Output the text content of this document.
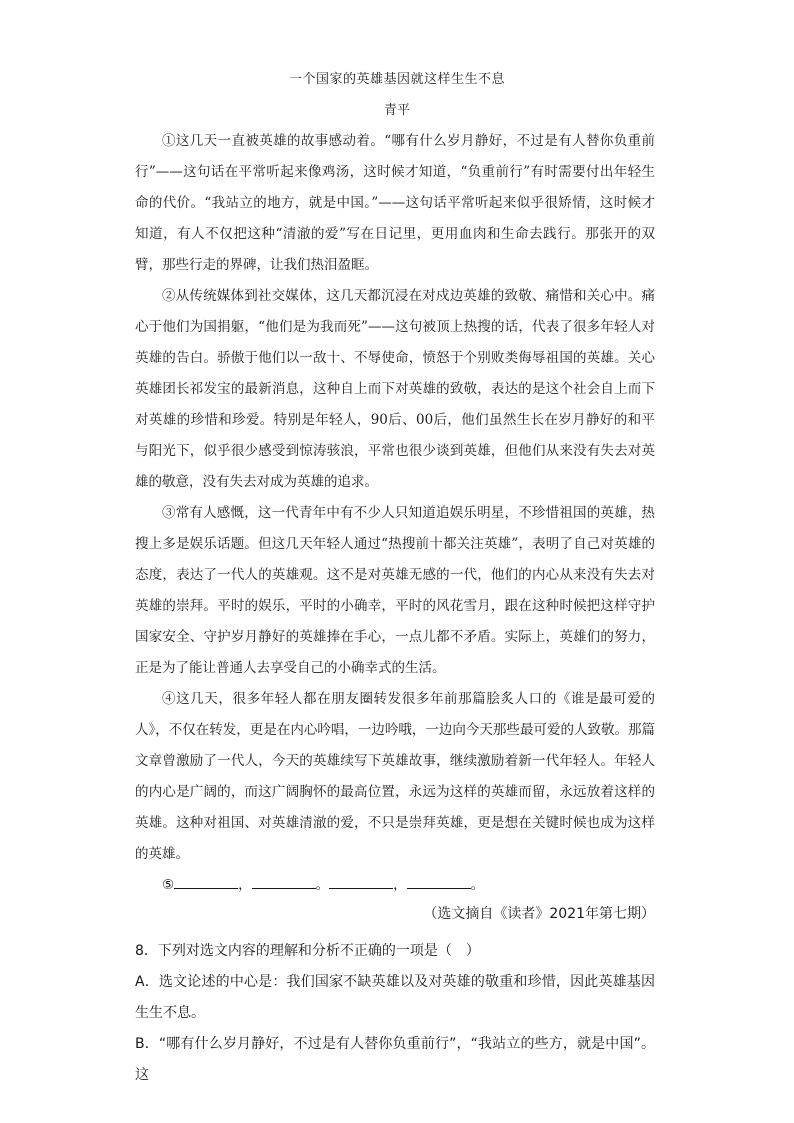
一个国家的英雄基因就这样生生不息
青平

①这几天一直被英雄的故事感动着。“哪有什么岁月静好，不过是有人替你负重前行”——这句话在平常听起来像鸡汤，这时候才知道，“负重前行”有时需要付出年轻生命的代价。“我站立的地方，就是中国。”——这句话平常听起来似乎很矫情，这时候才知道，有人不仅把这种“清澈的爱”写在日记里，更用血肉和生命去践行。那张开的双臂，那些行走的界碑，让我们热泪盈眶。

②从传统媒体到社交媒体，这几天都沉浸在对戍边英雄的致敬、痛惜和关心中。痛心于他们为国捐躯，“他们是为我而死”——这句被顶上热搜的话，代表了很多年轻人对英雄的告白。骄傲于他们以一敌十、不辱使命，愤怒于个别败类侮辱祖国的英雄。关心英雄团长祁发宝的最新消息，这种自上而下对英雄的致敬，表达的是这个社会自上而下对英雄的珍惜和珍爱。特别是年轻人，90后、00后，他们虽然生长在岁月静好的和平与阳光下，似乎很少感受到惊涛骇浪，平常也很少谈到英雄，但他们从来没有失去对英雄的敬意，没有失去对成为英雄的追求。

③常有人感慨，这一代青年中有不少人只知道追娱乐明星，不珍惜祖国的英雄，热搜上多是娱乐话题。但这几天年轻人通过“热搜前十都关注英雄”，表明了自己对英雄的态度，表达了一代人的英雄观。这不是对英雄无感的一代，他们的内心从来没有失去对英雄的崇拜。平时的娱乐，平时的小确幸，平时的风花雪月，跟在这种时候把这样守护国家安全、守护岁月静好的英雄捧在手心，一点儿都不矛盾。实际上，英雄们的努力，正是为了能让普通人去享受自己的小确幸式的生活。

④这几天，很多年轻人都在朋友圈转发很多年前那篇脍炙人口的《谁是最可爱的人》，不仅在转发，更是在内心吟唱，一边吟哦，一边向今天那些最可爱的人致敬。那篇文章曾激励了一代人，今天的英雄续写下英雄故事，继续激励着新一代年轻人。年轻人的内心是广阔的，而这广阔胸怀的最高位置，永远为这样的英雄而留，永远放着这样的英雄。这种对祖国、对英雄清澈的爱，不只是崇拜英雄，更是想在关键时候也成为这样的英雄。

⑤	，	。	，	。
（选文摘自《读者》2021年第七期）
8．下列对选文内容的理解和分析不正确的一项是（　）
A．选文论述的中心是：我们国家不缺英雄以及对英雄的敬重和珍惜，因此英雄基因生生不息。
B．“哪有什么岁月静好，不过是有人替你负重前行”，“我站立的些方，就是中国”。这
